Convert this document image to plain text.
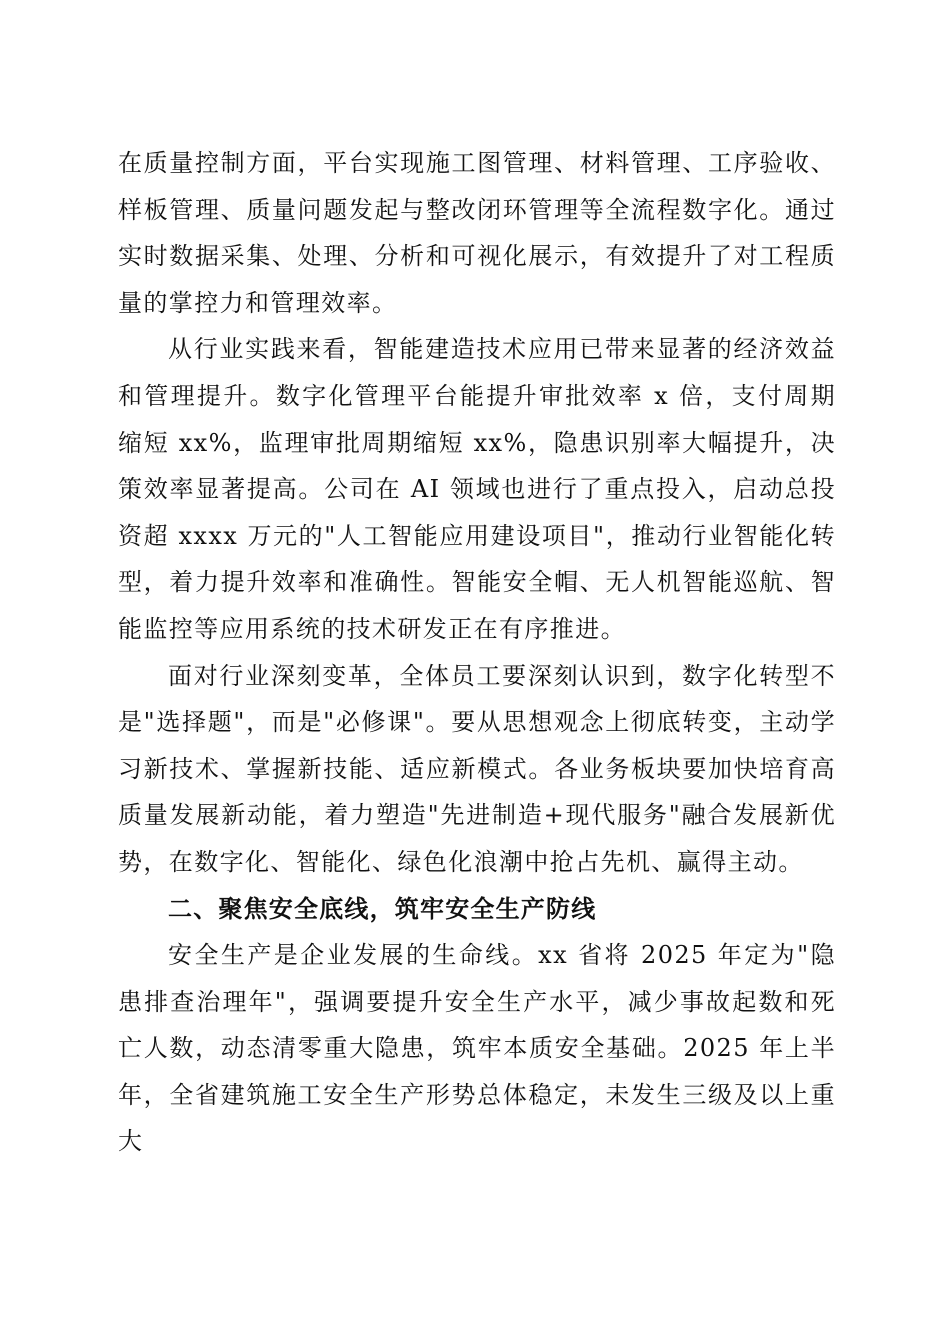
在质量控制方面，平台实现施工图管理、材料管理、工序验收、样板管理、质量问题发起与整改闭环管理等全流程数字化。通过实时数据采集、处理、分析和可视化展示，有效提升了对工程质量的掌控力和管理效率。

从行业实践来看，智能建造技术应用已带来显著的经济效益和管理提升。数字化管理平台能提升审批效率 x 倍，支付周期缩短 xx%，监理审批周期缩短 xx%，隐患识别率大幅提升，决策效率显著提高。公司在 AI 领域也进行了重点投入，启动总投资超 xxxx 万元的"人工智能应用建设项目"，推动行业智能化转型，着力提升效率和准确性。智能安全帽、无人机智能巡航、智能监控等应用系统的技术研发正在有序推进。

面对行业深刻变革，全体员工要深刻认识到，数字化转型不是"选择题"，而是"必修课"。要从思想观念上彻底转变，主动学习新技术、掌握新技能、适应新模式。各业务板块要加快培育高质量发展新动能，着力塑造"先进制造+现代服务"融合发展新优势，在数字化、智能化、绿色化浪潮中抢占先机、赢得主动。

二、聚焦安全底线，筑牢安全生产防线

安全生产是企业发展的生命线。xx 省将 2025 年定为"隐患排查治理年"，强调要提升安全生产水平，减少事故起数和死亡人数，动态清零重大隐患，筑牢本质安全基础。2025 年上半年，全省建筑施工安全生产形势总体稳定，未发生三级及以上重大
